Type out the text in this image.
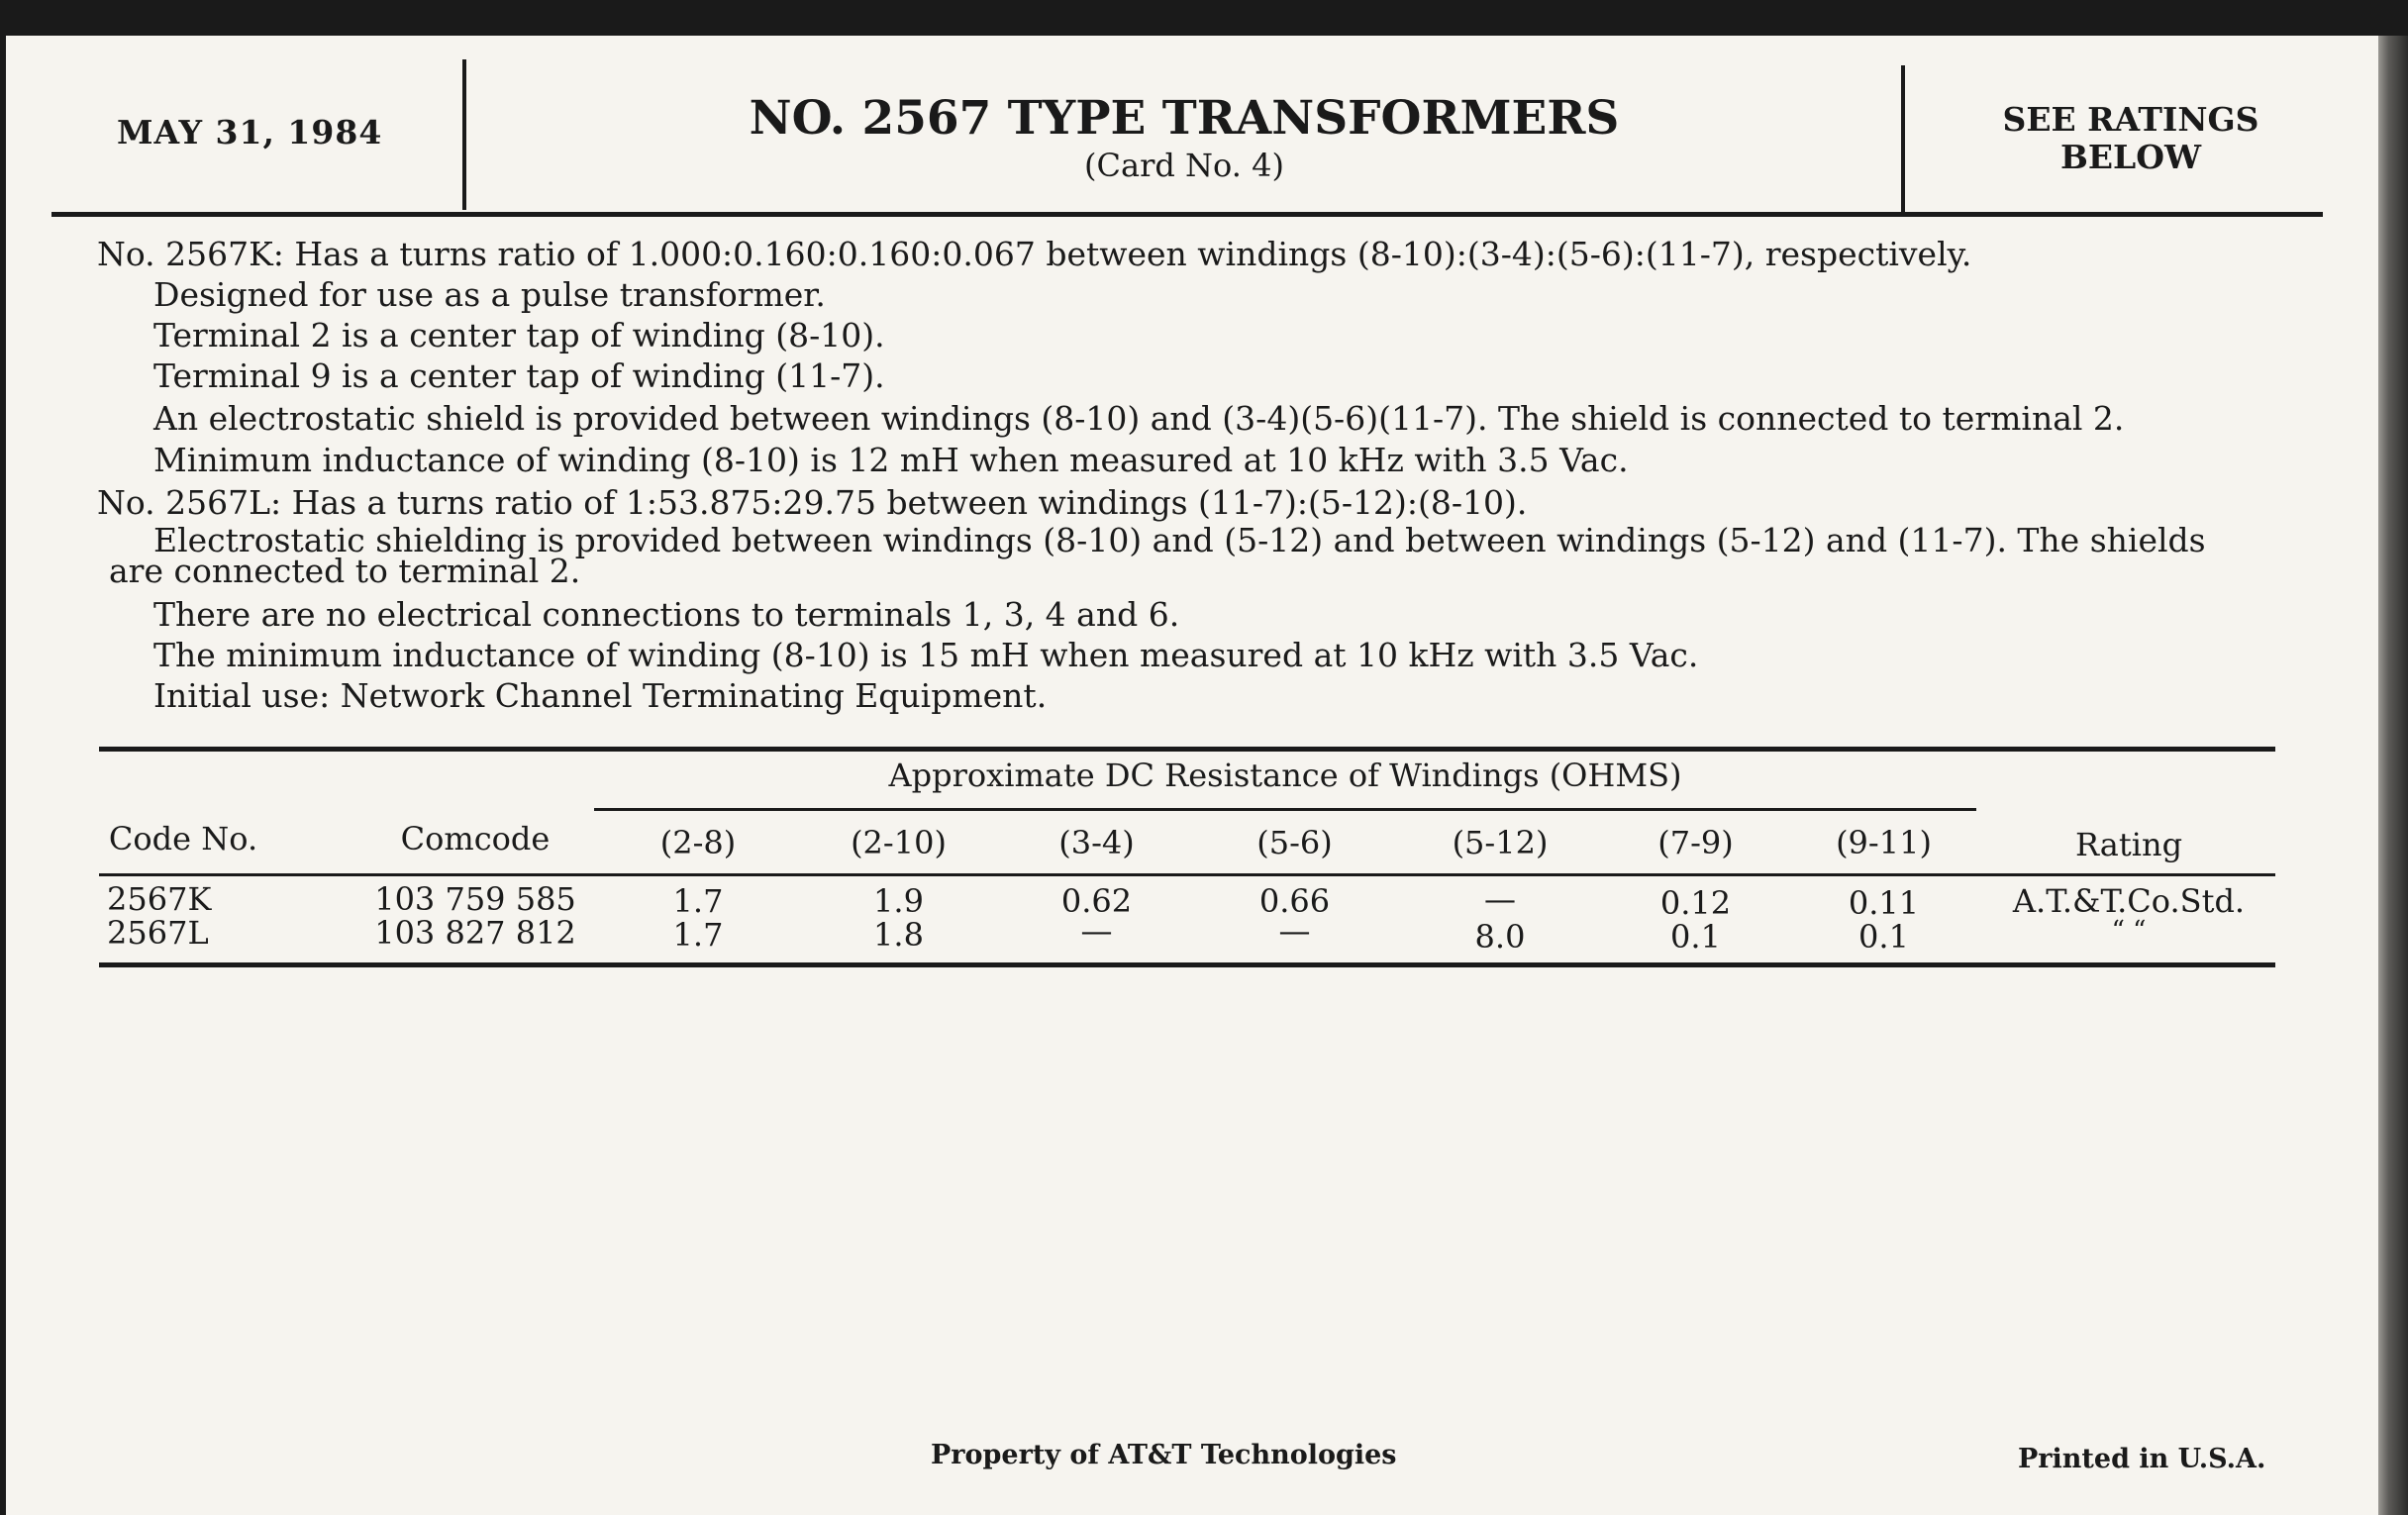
MAY 31, 1984	NO. 2567 TYPE TRANSFORMERS
(Card No. 4)
SEE RATINGS
BELOW
No. 2567K: Has a turns ratio of 1.000:0.160:0.160:0.067 between windings (8-10):(3-4):(5-6):(11-7), respectively.
Designed for use as a pulse transformer.
Terminal 2 is a center tap of winding (8-10).
Terminal 9 is a center tap of winding (11-7).
An electrostatic shield is provided between windings (8-10) and (3-4)(5-6)(11-7). The shield is connected to terminal 2.
Minimum inductance of winding (8-10) is 12 mH when measured at 10 kHz with 3.5 Vac.
No. 2567L: Has a turns ratio of 1:53.875:29.75 between windings (11-7):(5-12):(8-10).
Electrostatic shielding is provided between windings (8-10) and (5-12) and between windings (5-12) and (11-7). The shields
are connected to terminal 2.
There are no electrical connections to terminals 1, 3, 4 and 6.
The minimum inductance of winding (8-10) is 15 mH when measured at 10 kHz with 3.5 Vac.
Initial use: Network Channel Terminating Equipment.
Approximate DC Resistance of Windings (OHMS)
Code No.	Comcode	(2-8)	(2-10)	(3-4)	(5-6)	(5-12)	(7-9)	(9-11)	Rating
2567K	103 759 585	1.7	1.9	0.62	0.66	—	0.12	0.11	A.T.&T.Co.Std.
2567L	103 827 812	1.7	1.8	—	—	8.0	0.1	0.1	“ “
Property of AT&T Technologies	Printed in U.S.A.
